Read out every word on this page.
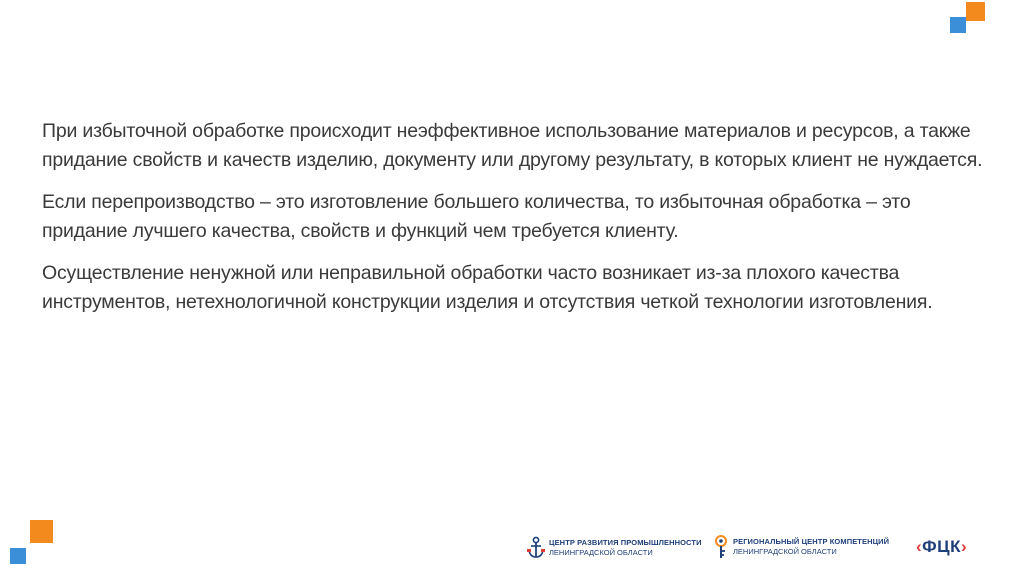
При избыточной обработке происходит неэффективное использование материалов и ресурсов, а также придание свойств и качеств изделию, документу или другому результату, в которых клиент не нуждается.

Если перепроизводство – это изготовление большего количества, то избыточная обработка – это придание лучшего качества, свойств и функций чем требуется клиенту.

Осуществление ненужной или неправильной обработки часто возникает из-за плохого качества инструментов, нетехнологичной конструкции изделия и отсутствия четкой технологии изготовления.

ЦЕНТР РАЗВИТИЯ ПРОМЫШЛЕННОСТИ
ЛЕНИНГРАДСКОЙ ОБЛАСТИ
РЕГИОНАЛЬНЫЙ ЦЕНТР КОМПЕТЕНЦИЙ
ЛЕНИНГРАДСКОЙ ОБЛАСТИ	‹ФЦК›
